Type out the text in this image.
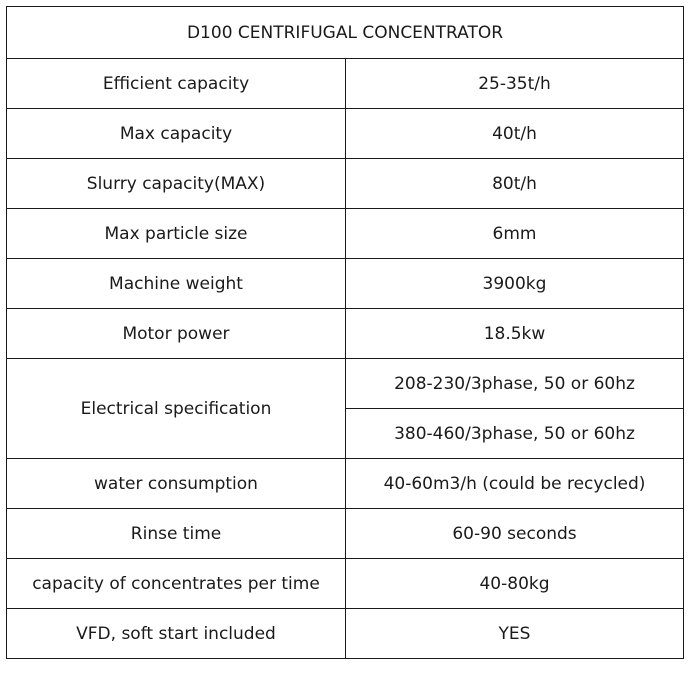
D100 CENTRIFUGAL CONCENTRATOR	
Efficient capacity	25-35t/h
Max capacity	40t/h
Slurry capacity(MAX)	80t/h
Max particle size	6mm
Machine weight	3900kg
Motor power	18.5kw
Electrical specification	208-230/3phase, 50 or 60hz
	380-460/3phase, 50 or 60hz
water consumption	40-60m3/h (could be recycled)
Rinse time	60-90 seconds
capacity of concentrates per time	40-80kg
VFD, soft start included	YES
